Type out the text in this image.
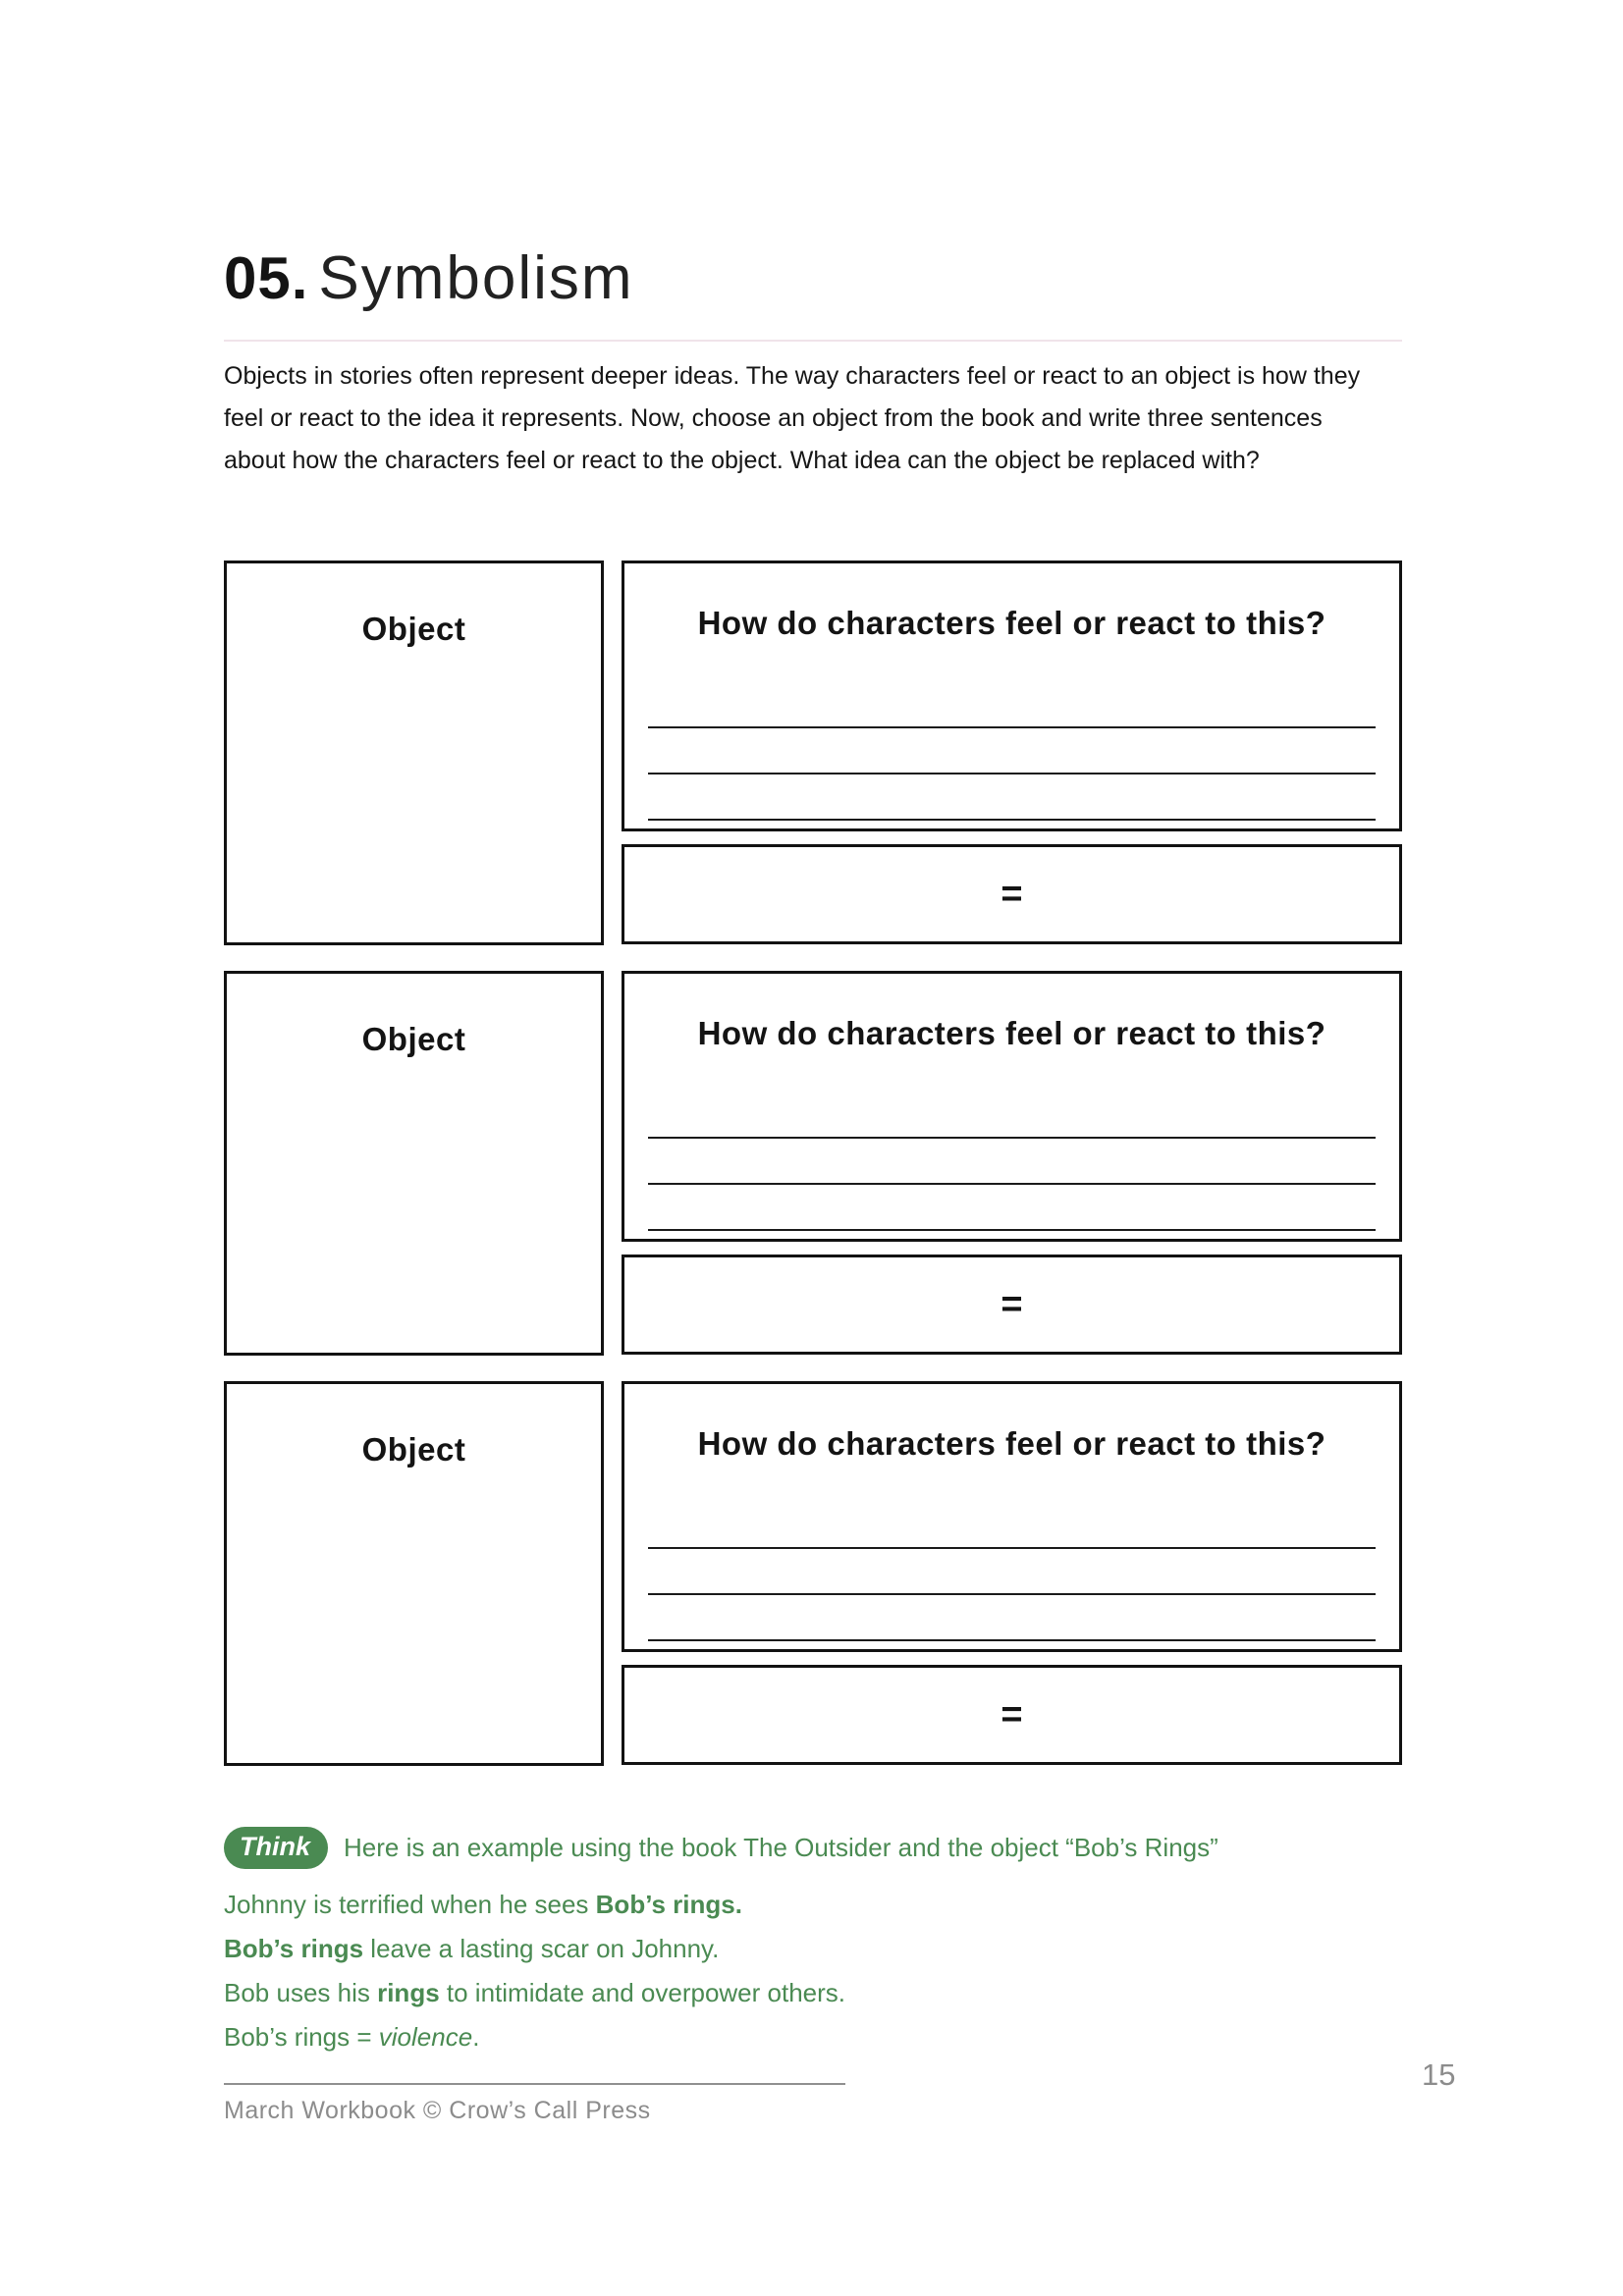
05. Symbolism
Objects in stories often represent deeper ideas. The way characters feel or react to an object is how they
feel or react to the idea it represents. Now, choose an object from the book and write three sentences
about how the characters feel or react to the object. What idea can the object be replaced with?
Object	How do characters feel or react to this?
=
Object	How do characters feel or react to this?
=
Object	How do characters feel or react to this?
=
Think	Here is an example using the book The Outsider and the object “Bob’s Rings”
Johnny is terrified when he sees Bob’s rings.
Bob’s rings leave a lasting scar on Johnny.
Bob uses his rings to intimidate and overpower others.
Bob’s rings = violence.
March Workbook © Crow’s Call Press
15
